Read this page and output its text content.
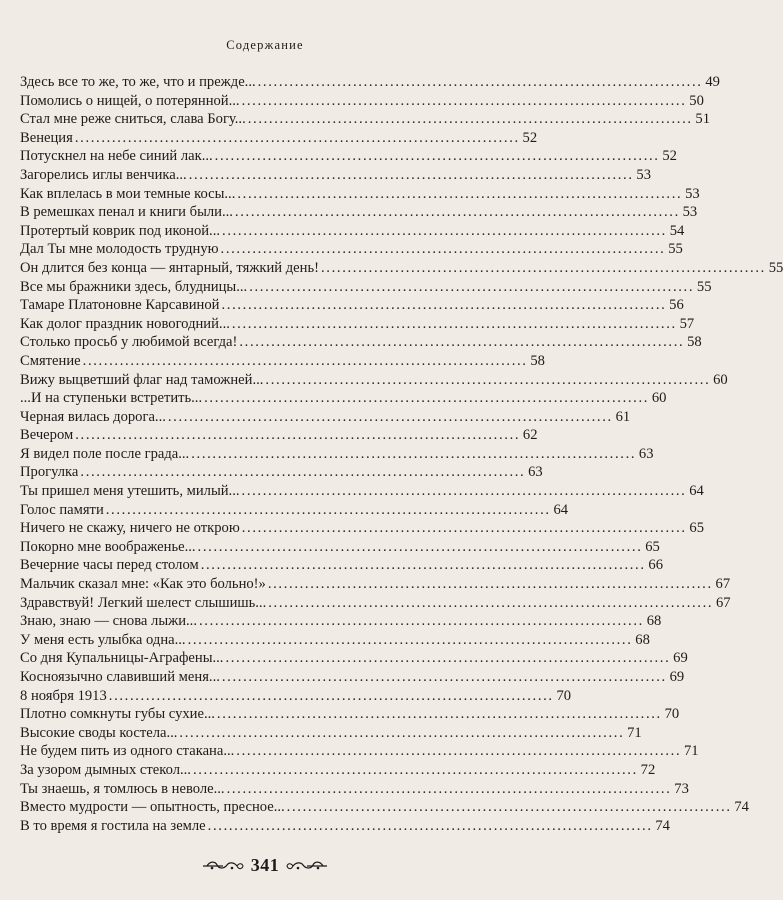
Содержание
Здесь все то же, то же, что и прежде... . . .	49
Помолись о нищей, о потерянной... . . .	50
Стал мне реже сниться, слава Богу... . . .	51
Венеция . . .	52
Потускнел на небе синий лак... . . .	52
Загорелись иглы венчика... . . .	53
Как вплелась в мои темные косы... . . .	53
В ремешках пенал и книги были... . . .	53
Протертый коврик под иконой... . . .	54
Дал Ты мне молодость трудную . . .	55
Он длится без конца — янтарный, тяжкий день! . . .	55
Все мы бражники здесь, блудницы... . . .	55
Тамаре Платоновне Карсавиной . . .	56
Как долог праздник новогодний... . . .	57
Столько просьб у любимой всегда! . . .	58
Смятение . . .	58
Вижу выцветший флаг над таможней... . . .	60
...И на ступеньки встретить... . . .	60
Черная вилась дорога... . . .	61
Вечером . . .	62
Я видел поле после града... . . .	63
Прогулка . . .	63
Ты пришел меня утешить, милый... . . .	64
Голос памяти . . .	64
Ничего не скажу, ничего не открою . . .	65
Покорно мне воображенье... . . .	65
Вечерние часы перед столом . . .	66
Мальчик сказал мне: «Как это больно!» . . .	67
Здравствуй! Легкий шелест слышишь... . . .	67
Знаю, знаю — снова лыжи... . . .	68
У меня есть улыбка одна... . . .	68
Со дня Купальницы-Аграфены... . . .	69
Косноязычно славивший меня... . . .	69
8 ноября 1913 . . .	70
Плотно сомкнуты губы сухие... . . .	70
Высокие своды костела... . . .	71
Не будем пить из одного стакана... . . .	71
За узором дымных стекол... . . .	72
Ты знаешь, я томлюсь в неволе... . . .	73
Вместо мудрости — опытность, пресное... . . .	74
В то время я гостила на земле . . .	74
341
